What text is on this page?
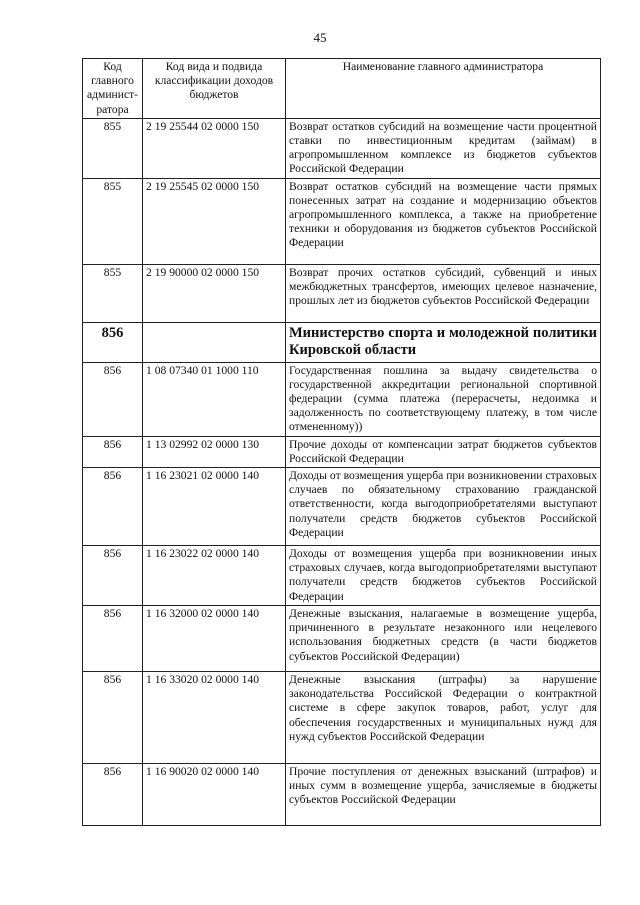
45
Код главного админист-ратора	Код вида и подвида классификации доходов бюджетов	Наименование главного администратора
855	2 19 25544 02 0000 150	Возврат остатков субсидий на возмещение части процентной ставки по инвестиционным кредитам (займам) в агропромышленном комплексе из бюджетов субъектов Российской Федерации
855	2 19 25545 02 0000 150	Возврат остатков субсидий на возмещение части прямых понесенных затрат на создание и модернизацию объектов агропромышленного комплекса, а также на приобретение техники и оборудования из бюджетов субъектов Российской Федерации
855	2 19 90000 02 0000 150	Возврат прочих остатков субсидий, субвенций и иных межбюджетных трансфертов, имеющих целевое назначение, прошлых лет из бюджетов субъектов Российской Федерации
856		Министерство спорта и молодежной политики Кировской области
856	1 08 07340 01 1000 110	Государственная пошлина за выдачу свидетельства о государственной аккредитации региональной спортивной федерации (сумма платежа (перерасчеты, недоимка и задолженность по соответствующему платежу, в том числе отмененному))
856	1 13 02992 02 0000 130	Прочие доходы от компенсации затрат бюджетов субъектов Российской Федерации
856	1 16 23021 02 0000 140	Доходы от возмещения ущерба при возникновении страховых случаев по обязательному страхованию гражданской ответственности, когда выгодоприобретателями выступают получатели средств бюджетов субъектов Российской Федерации
856	1 16 23022 02 0000 140	Доходы от возмещения ущерба при возникновении иных страховых случаев, когда выгодоприобретателями выступают получатели средств бюджетов субъектов Российской Федерации
856	1 16 32000 02 0000 140	Денежные взыскания, налагаемые в возмещение ущерба, причиненного в результате незаконного или нецелевого использования бюджетных средств (в части бюджетов субъектов Российской Федерации)
856	1 16 33020 02 0000 140	Денежные взыскания (штрафы) за нарушение законодательства Российской Федерации о контрактной системе в сфере закупок товаров, работ, услуг для обеспечения государственных и муниципальных нужд для нужд субъектов Российской Федерации
856	1 16 90020 02 0000 140	Прочие поступления от денежных взысканий (штрафов) и иных сумм в возмещение ущерба, зачисляемые в бюджеты субъектов Российской Федерации
